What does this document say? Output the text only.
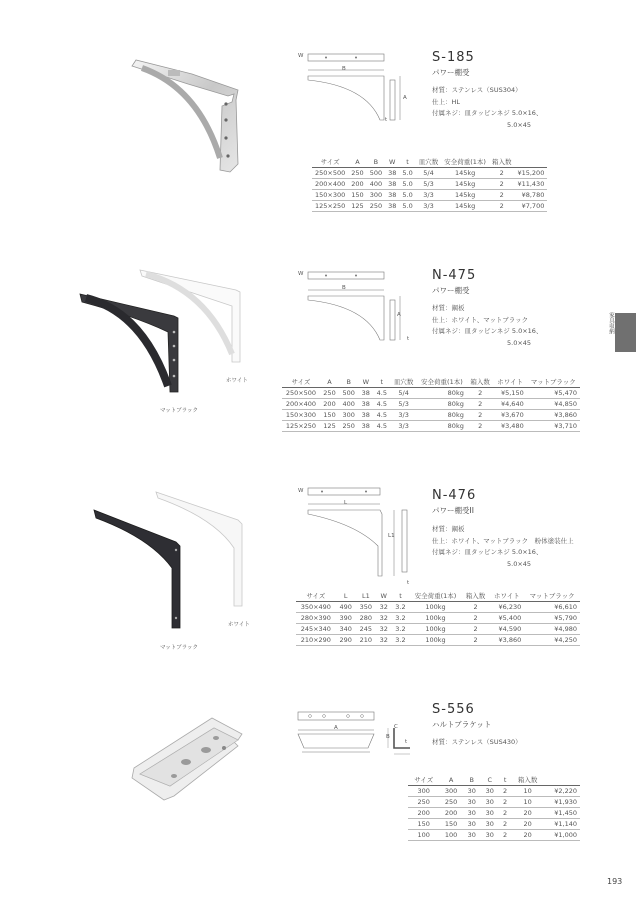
W
B
A
t
S-185
パワー棚受
材質：ステンレス（SUS304）
仕上：HL
付属ネジ：皿タッピンネジ 5.0×16、
5.0×45
サイズ	A	B	W	t	皿穴数	安全荷重(1本)	箱入数	
250×500	250	500	38	5.0	5/4	145kg	2	¥15,200
200×400	200	400	38	5.0	5/3	145kg	2	¥11,430
150×300	150	300	38	5.0	3/3	145kg	2	¥8,780
125×250	125	250	38	5.0	3/3	145kg	2	¥7,700
ホワイト
マットブラック
W
B
A
t
N-475
パワー棚受
材質：鋼板
仕上：ホワイト、マットブラック
付属ネジ：皿タッピンネジ 5.0×16、
5.0×45
サイズ	A	B	W	t	皿穴数	安全荷重(1本)	箱入数	ホワイト	マットブラック
250×500	250	500	38	4.5	5/4	80kg	2	¥5,150	¥5,470
200×400	200	400	38	4.5	5/3	80kg	2	¥4,640	¥4,850
150×300	150	300	38	4.5	3/3	80kg	2	¥3,670	¥3,860
125×250	125	250	38	4.5	3/3	80kg	2	¥3,480	¥3,710
ホワイト
マットブラック
W
L
L1
t
N-476
パワー棚受II
材質：鋼板
仕上：ホワイト、マットブラック　粉体塗装仕上
付属ネジ：皿タッピンネジ 5.0×16、
5.0×45
サイズ	L	L1	W	t	安全荷重(1本)	箱入数	ホワイト	マットブラック
350×490	490	350	32	3.2	100kg	2	¥6,230	¥6,610
280×390	390	280	32	3.2	100kg	2	¥5,400	¥5,790
245×340	340	245	32	3.2	100kg	2	¥4,590	¥4,980
210×290	290	210	32	3.2	100kg	2	¥3,860	¥4,250
A	C
B
t
S-556
ハルトブラケット
材質：ステンレス（SUS430）
サイズ	A	B	C	t	箱入数	
300	300	30	30	2	10	¥2,220
250	250	30	30	2	10	¥1,930
200	200	30	30	2	20	¥1,450
150	150	30	30	2	20	¥1,140
100	100	30	30	2	20	¥1,000
家具収納
193
